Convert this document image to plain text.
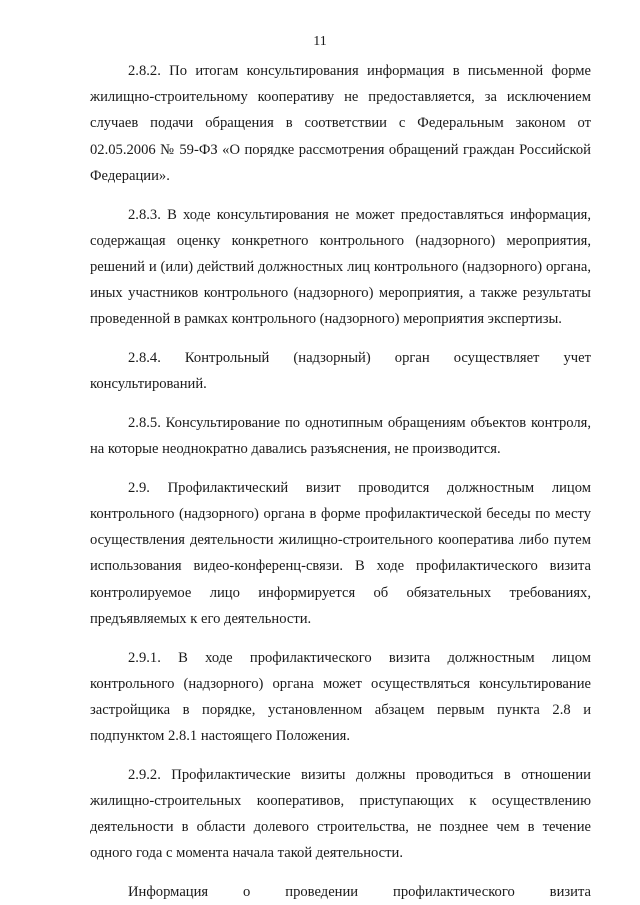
11

2.8.2. По итогам консультирования информация в письменной форме жилищно-строительному кооперативу не предоставляется, за исключением случаев подачи обращения в соответствии с Федеральным законом от 02.05.2006 № 59-ФЗ «О порядке рассмотрения обращений граждан Российской Федерации».

2.8.3. В ходе консультирования не может предоставляться информация, содержащая оценку конкретного контрольного (надзорного) мероприятия, решений и (или) действий должностных лиц контрольного (надзорного) органа, иных участников контрольного (надзорного) мероприятия, а также результаты проведенной в рамках контрольного (надзорного) мероприятия экспертизы.

2.8.4. Контрольный (надзорный) орган осуществляет учет консультирований.

2.8.5. Консультирование по однотипным обращениям объектов контроля, на которые неоднократно давались разъяснения, не производится.

2.9. Профилактический визит проводится должностным лицом контрольного (надзорного) органа в форме профилактической беседы по месту осуществления деятельности жилищно-строительного кооператива либо путем использования видео-конференц-связи. В ходе профилактического визита контролируемое лицо информируется об обязательных требованиях, предъявляемых к его деятельности.

2.9.1. В ходе профилактического визита должностным лицом контрольного (надзорного) органа может осуществляться консультирование застройщика в порядке, установленном абзацем первым пункта 2.8 и подпунктом 2.8.1 настоящего Положения.

2.9.2. Профилактические визиты должны проводиться в отношении жилищно-строительных кооперативов, приступающих к осуществлению деятельности в области долевого строительства, не позднее чем в течение одного года с момента начала такой деятельности.

Информация о проведении профилактического визита
